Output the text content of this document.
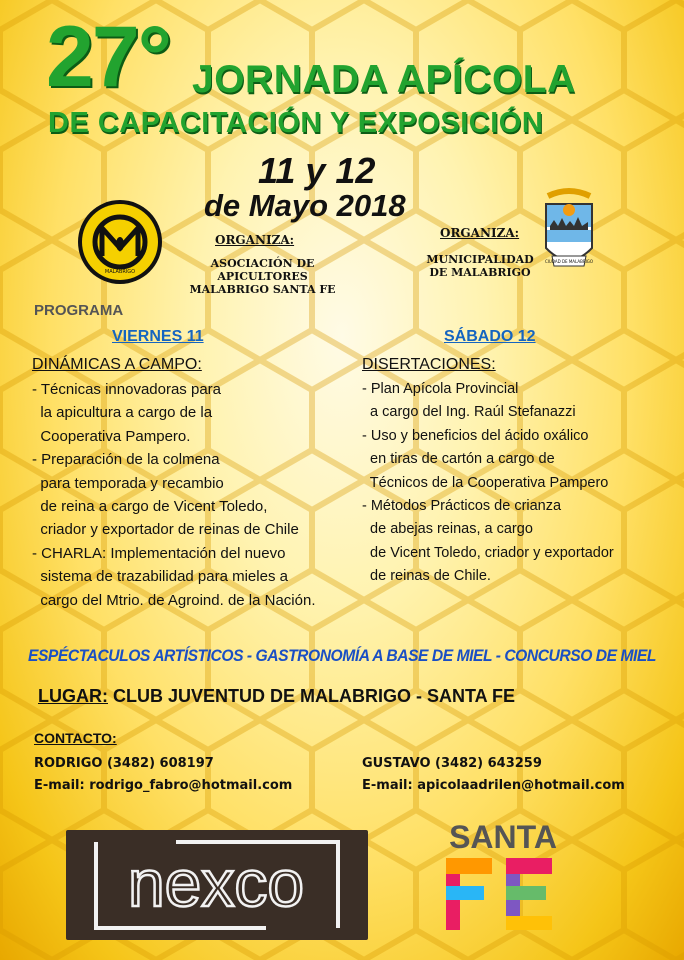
27° JORNADA APÍCOLA
DE CAPACITACIÓN Y EXPOSICIÓN
11 y 12
de Mayo 2018
MALABRIGO
ORGANIZA:
ASOCIACIÓN DE APICULTORES
MALABRIGO SANTA FE
ORGANIZA:
MUNICIPALIDAD
DE MALABRIGO
CIUDAD DE MALABRIGO
PROGRAMA
VIERNES 11	SÁBADO 12
DINÁMICAS A CAMPO:	DISERTACIONES:
- Técnicas innovadoras para
la apicultura a cargo de la
Cooperativa Pampero.
- Preparación de la colmena
para temporada y recambio
de reina a cargo de Vicent Toledo,
criador y exportador de reinas de Chile
- CHARLA: Implementación del nuevo
sistema de trazabilidad para mieles a
cargo del Mtrio. de Agroind. de la Nación.
- Plan Apícola Provincial
a cargo del Ing. Raúl Stefanazzi
- Uso y beneficios del ácido oxálico
en tiras de cartón a cargo de
Técnicos de la Cooperativa Pampero
- Métodos Prácticos de crianza
de abejas reinas, a cargo
de Vicent Toledo, criador y exportador
de reinas de Chile.
ESPÉCTACULOS ARTÍSTICOS - GASTRONOMÍA A BASE DE MIEL - CONCURSO DE MIEL
LUGAR: CLUB JUVENTUD DE MALABRIGO - SANTA FE
CONTACTO:
RODRIGO (3482) 608197
E-mail: rodrigo_fabro@hotmail.com
GUSTAVO (3482) 643259
E-mail: apicolaadrilen@hotmail.com
nexco
SANTA
